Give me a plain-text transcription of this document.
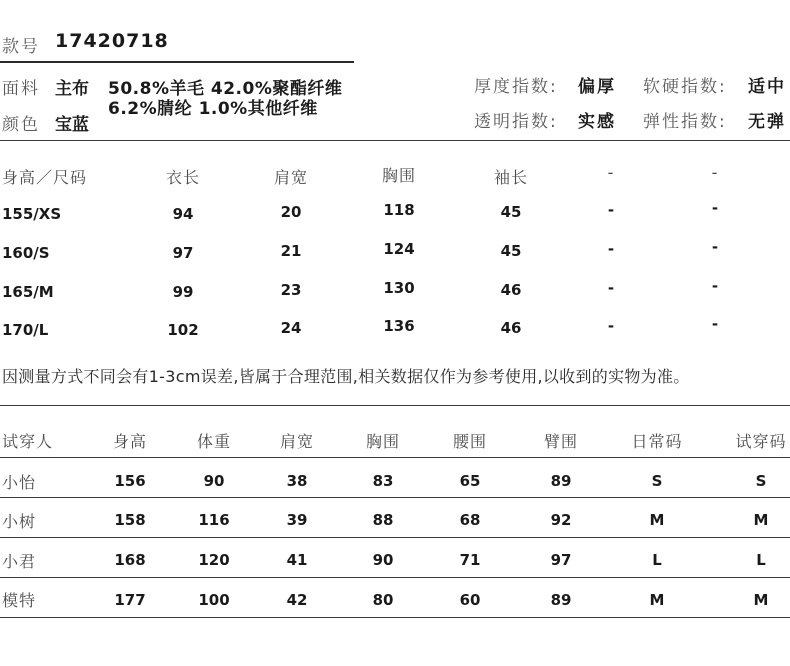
款号 17420718
面料 主布 50.8%羊毛 42.0%聚酯纤维
6.2%腈纶 1.0%其他纤维
颜色 宝蓝
厚度指数: 偏厚 软硬指数: 适中
透明指数: 实感 弹性指数: 无弹
身高／尺码	衣长	肩宽	胸围	袖长	-	-
155/XS	94	20	118	45	-	-
160/S	97	21	124	45	-	-
165/M	99	23	130	46	-	-
170/L	102	24	136	46	-	-
因测量方式不同会有1-3cm误差,皆属于合理范围,相关数据仅作为参考使用,以收到的实物为准。
试穿人	身高	体重	肩宽	胸围	腰围	臂围	日常码	试穿码
小怡	156	90	38	83	65	89	S	S
小树	158	116	39	88	68	92	M	M
小君	168	120	41	90	71	97	L	L
模特	177	100	42	80	60	89	M	M
